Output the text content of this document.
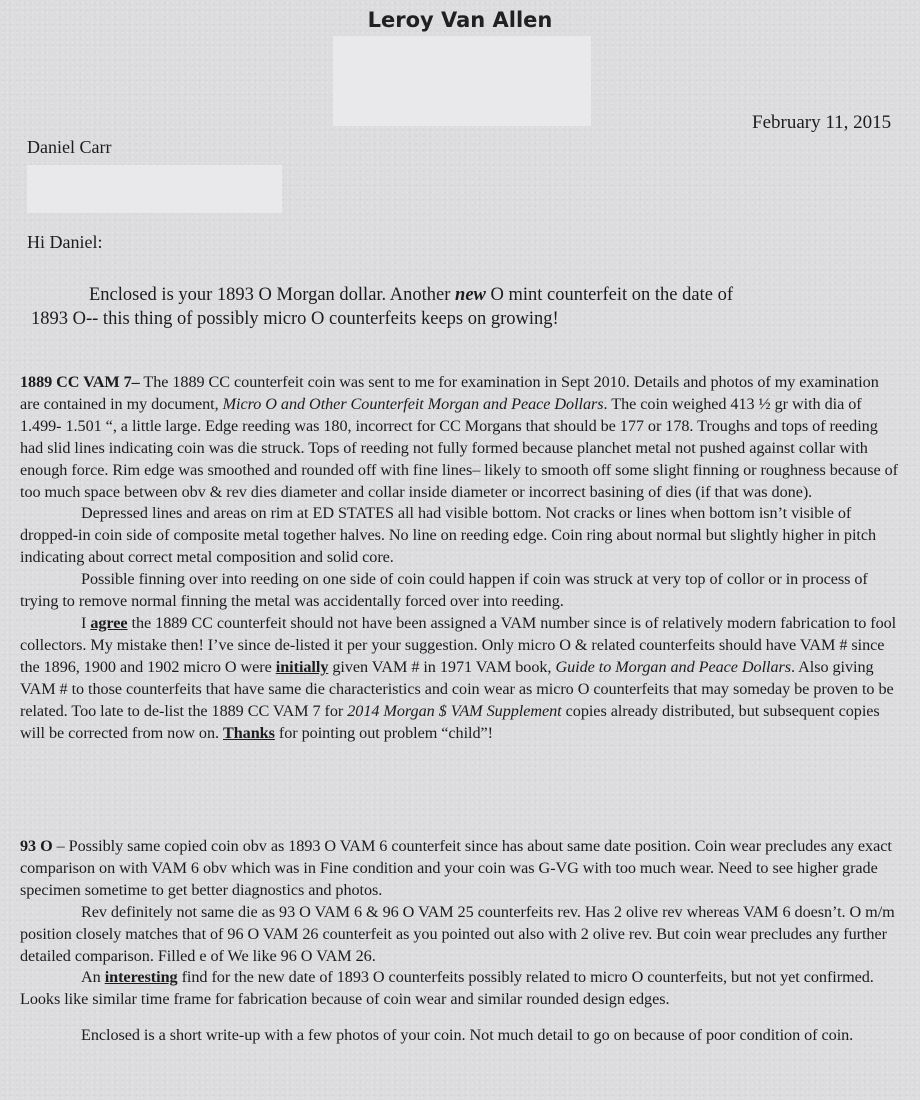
Leroy Van Allen
February 11, 2015
Daniel Carr
Hi Daniel:

Enclosed is your 1893 O Morgan dollar. Another new O mint counterfeit on the date of

1893 O-- this thing of possibly micro O counterfeits keeps on growing!

1889 CC VAM 7– The 1889 CC counterfeit coin was sent to me for examination in Sept 2010. Details and photos of my examination are contained in my document, Micro O and Other Counterfeit Morgan and Peace Dollars. The coin weighed 413 ½ gr with dia of 1.499- 1.501 “, a little large. Edge reeding was 180, incorrect for CC Morgans that should be 177 or 178. Troughs and tops of reeding had slid lines indicating coin was die struck. Tops of reeding not fully formed because planchet metal not pushed against collar with enough force. Rim edge was smoothed and rounded off with fine lines– likely to smooth off some slight finning or roughness because of too much space between obv & rev dies diameter and collar inside diameter or incorrect basining of dies (if that was done).

Depressed lines and areas on rim at ED STATES all had visible bottom. Not cracks or lines when bottom isn’t visible of dropped-in coin side of composite metal together halves. No line on reeding edge. Coin ring about normal but slightly higher in pitch indicating about correct metal composition and solid core.

Possible finning over into reeding on one side of coin could happen if coin was struck at very top of collor or in process of trying to remove normal finning the metal was accidentally forced over into reeding.

I agree the 1889 CC counterfeit should not have been assigned a VAM number since is of relatively modern fabrication to fool collectors. My mistake then! I’ve since de-listed it per your suggestion. Only micro O & related counterfeits should have VAM # since the 1896, 1900 and 1902 micro O were initially given VAM # in 1971 VAM book, Guide to Morgan and Peace Dollars. Also giving VAM # to those counterfeits that have same die characteristics and coin wear as micro O counterfeits that may someday be proven to be related. Too late to de-list the 1889 CC VAM 7 for 2014 Morgan $ VAM Supplement copies already distributed, but subsequent copies will be corrected from now on. Thanks for pointing out problem “child”!

93 O – Possibly same copied coin obv as 1893 O VAM 6 counterfeit since has about same date position. Coin wear precludes any exact comparison on with VAM 6 obv which was in Fine condition and your coin was G-VG with too much wear. Need to see higher grade specimen sometime to get better diagnostics and photos.

Rev definitely not same die as 93 O VAM 6 & 96 O VAM 25 counterfeits rev. Has 2 olive rev whereas VAM 6 doesn’t. O m/m position closely matches that of 96 O VAM 26 counterfeit as you pointed out also with 2 olive rev. But coin wear precludes any further detailed comparison. Filled e of We like 96 O VAM 26.

An interesting find for the new date of 1893 O counterfeits possibly related to micro O counterfeits, but not yet confirmed. Looks like similar time frame for fabrication because of coin wear and similar rounded design edges.

Enclosed is a short write-up with a few photos of your coin. Not much detail to go on because of poor condition of coin.
